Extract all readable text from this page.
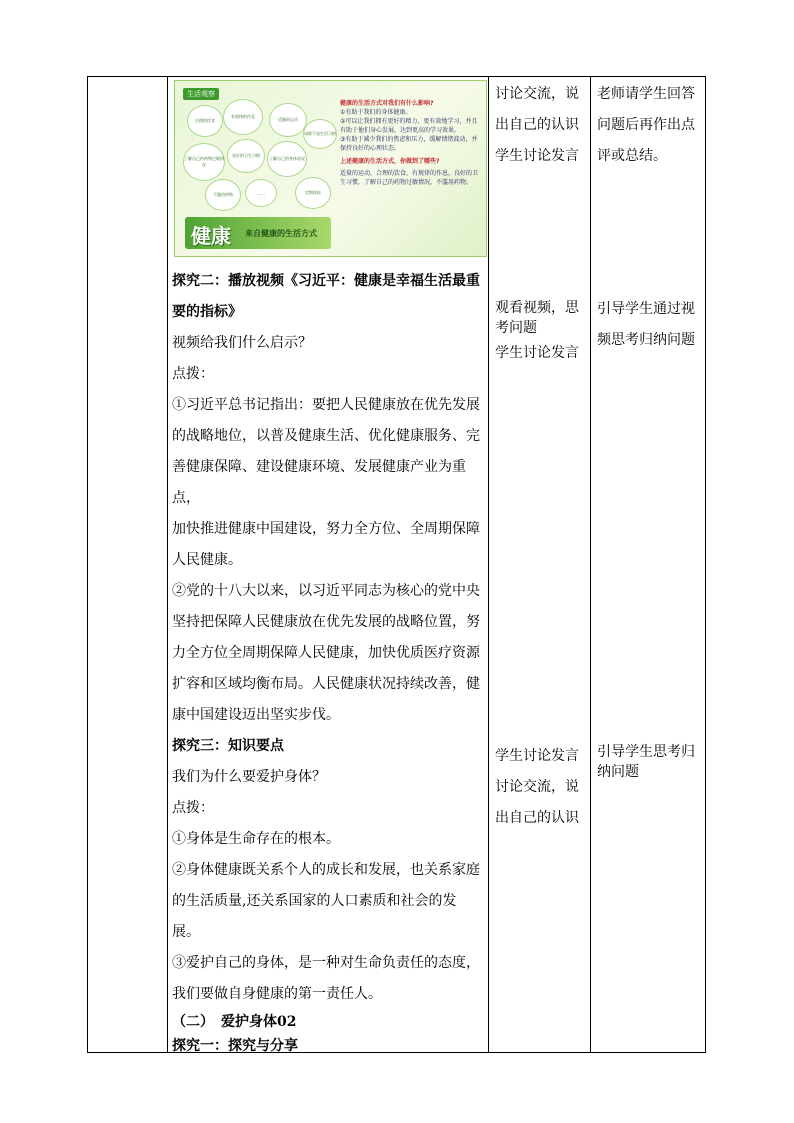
生活观察
合理的饮食
有规律的作息
适量的运动
了解自己的药物过敏情况
良好的卫生习惯
不滥用药物	……
了解自己的身体状况
戒除不良生活习惯
定期体检
健康的生活方式对我们有什么影响?
①有助于我们的身体健康。
②可以让我们拥有更好的精力，更有效地学习，并且有助于他们身心发展，达到更高的学习效果。
③有助于减少我们的焦虑和压力，缓解情绪波动，并保持良好的心理状态。
上述健康的生活方式，你做到了哪些?
适量的运动，合理的饮食，有规律的作息，良好的卫生习惯，了解自己的药物过敏情况，不滥用药物。
健康 来自健康的生活方式

探究二：播放视频《习近平：健康是幸福生活最重

要的指标》

视频给我们什么启示？

点拨：

①习近平总书记指出：要把人民健康放在优先发展

的战略地位，以普及健康生活、优化健康服务、完

善健康保障、建设健康环境、发展健康产业为重点，

加快推进健康中国建设，努力全方位、全周期保障

人民健康。

②党的十八大以来，以习近平同志为核心的党中央

坚持把保障人民健康放在优先发展的战略位置，努

力全方位全周期保障人民健康，加快优质医疗资源

扩容和区域均衡布局。人民健康状况持续改善，健

康中国建设迈出坚实步伐。

探究三：知识要点

我们为什么要爱护身体？

点拨：

①身体是生命存在的根本。

②身体健康既关系个人的成长和发展，也关系家庭

的生活质量,还关系国家的人口素质和社会的发展。

③爱护自己的身体，是一种对生命负责任的态度，

我们要做自身健康的第一责任人。

（二）　爱护身体02

探究一：探究与分享

讨论交流，说

出自己的认识

学生讨论发言

观看视频，思

考问题

学生讨论发言

学生讨论发言

讨论交流，说

出自己的认识

老师请学生回答

问题后再作出点

评或总结。

引导学生通过视

频思考归纳问题

引导学生思考归

纳问题
